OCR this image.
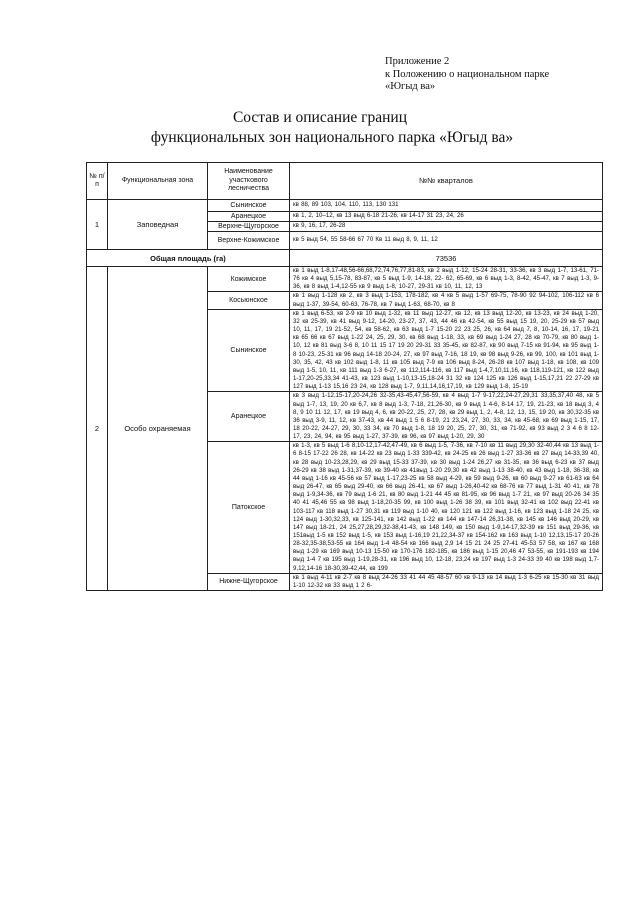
Приложение 2
к Положению о национальном парке
«Югыд ва»
Состав и описание границ
функциональных зон национального парка «Югыд ва»
№ п/п	Функциональная зона	Наименование участкового лесничества	№№ кварталов
1	Заповедная	Сынинское	кв 88, 89 103, 104, 110, 113, 130 131
		Аранецкое	кв 1, 2, 10–12, кв 13 выд 6-18 21-26, кв 14-17 31 23, 24, 26
		Верхне-Щугорское	кв 9, 16, 17, 26-28
		Верхне-Кожимское	кв 5 выд 54, 55 58-66 67 70 Кв 11 выд 8, 9, 11, 12
Общая площадь (га)			73536
2	Особо охраняемая	Кожимское	кв 1 выд 1-8,17-48,56-66,68,72,74,76,77,81-83, кв 2 выд 1-12, 15-24 28-31, 33-36, кв 3 выд 1-7, 13-61, 71-76 кв 4 выд 5,15-78, 83-87, кв 5 выд 1-9, 14-18, 22- 62, 65-69, кв 6 выд 1-3, 8-42, 45-47, кв 7 выд 1-3, 9-36, кв 8 выд 1-4,12-55 кв 9 выд 1-8, 10-27, 29-31 кв 10, 11, 12, 13
		Косьюнское	кв 1 выд 1-128 кв 2, кв 3 выд 1-153, 178-182, кв 4 кв 5 выд 1-57 69-75, 78-90 92 94-102, 106-112 кв 6 выд 1-37, 39-54, 60-63, 76-78, кв 7 выд 1-63, 68-70, кв 8
		Сынинское	кв 1 выд 6-53, кв 2-9 кв 10 выд 1-32, кв 11 выд 12-27, кв 12, кв 13 выд 12-20, кв 13-23, кв 24 выд 1-20, 32 кв 25-39, кв 41 выд 9-12, 14-20, 23-27, 37, 43, 44 46 кв 42-54, кв 55 выд 15 19, 20, 25-29 кв 57 выд 10, 11, 17, 19 21-52, 54, кв 58-62, кв 63 выд 1-7 15-20 22 23 25, 26, кв 64 выд 7, 8, 10-14, 16, 17, 19-21 кв 65 66 кв 67 выд 1-22 24, 25, 29, 30, кв 68 выд 1-18, 33, кв 69 выд 1-24 27, 28 кв 70-79, кв 80 выд 1-10, 12 кв 81 выд 3-6 8, 10 11 15 17 19 20 29-31 33 35-45, кв 82-87, кв 90 выд 7-15 кв 91-94, кв 95 выд 1-8 10-23, 25-31 кв 96 выд 14-18 20-24, 27, кв 97 выд 7-16, 18 19, кв 98 выд 9-26, кв 99, 100, кв 101 выд 1-30, 35, 42, 43 кв 102 выд 1-8, 11 кв 105 выд 7-9 кв 106 выд 8-24, 26-28 кв 107 выд 1-18, кв 108, кв 109 выд 1-5, 10, 11, кв 111 выд 1-3 6-27, кв 112,114-116, кв 117 выд 1-4,7,10,11,16, кв 118,119-121, кв 122 выд 1-17,20-25,33,34 41-43, кв 123 выд 1-10,13-15,18-24 31 32 кв 124 125 кв 126 выд 1-15,17,21 22 27-29 кв 127 выд 1-13 15,16 23 24, кв 128 выд 1-7, 9,11,14,16,17,19, кв 129 выд 1-8, 15-19
		Аранецкое	кв 3 выд 1-12,15-17,20-24,26 32-35,43-45,47,56-59, кв 4 выд 1-7 9-17,22,24-27,29,31 33,35,37,40 48, кв 5 выд 1-7, 13, 19, 20 кв 6,7, кв 8 выд 1-3, 7-18, 21,26-30, кв 9 выд 1 4-6, 8-14 17, 19, 21-23, кв 18 выд 3, 4 8, 9 10 11 12, 17, кв 19 выд 4, 6, кв 20-22, 25, 27, 28, кв 29 выд 1, 2, 4-8, 12, 13, 15, 19 20, кв 30,32-35 кв 36 выд 3-9, 11, 12, кв 37-43, кв 44 выд 1 5 6 8-19, 21 23,24, 27, 30, 33, 34, кв 45-68, кв 69 выд 1-15, 17, 18 20-22, 24-27, 29, 30, 33 34, кв 70 выд 1-8, 18 19 20, 25, 27, 30, 31, кв 71-92, кв 93 выд 2 3 4 6 8 12-17, 23, 24, 94, кв 95 выд 1-27, 37-39, кв 96, кв 97 выд 1-20, 29, 30
		Патокское	кв 1-3, кв 5 выд 1-6 8,10-12,17-42,47-49, кв 6 выд 1-5, 7-36, кв 7-10 кв 11 выд 29,30 32-40,44 кв 13 выд 1-6 8-15 17-22 26 28, кв 14-22 кв 23 выд 1-33 339-42, кв 24-25 кв 26 выд 1-27 33-36 кв 27 выд 14-33,39 40, кв 28 выд 10-23,28,29, кв 29 выд 15-33 37-39, кв 30 выд 1-24 26,27 кв 31-35, кв 36 выд 6-23 кв 37 выд 26-29 кв 38 выд 1-31,37-39, кв 39-40 кв 41выд 1-20 29,30 кв 42 выд 1-13 38-40, кв 43 выд 1-18, 36-38, кв 44 выд 1-16 кв 45-56 кв 57 выд 1-17,23-25 кв 58 выд 4-29, кв 59 выд 9-26, кв 60 выд 9-27 кв 61-63 кв 64 выд 26-47, кв 65 выд 29-40, кв 66 выд 26-41, кв 67 выд 1-26,40-42 кв 68-76 кв 77 выд 1-31 40 41, кв 78 выд 1-9,34-36, кв 79 выд 1-6 21, кв 80 выд 1-21 44 45 кв 81-95, кв 96 выд 1-7 21, кв 97 выд 20-26 34 35 40 41 45,46 55 кв 98 выд 1-18,20-35 99, кв 100 выд 1-26 38 39, кв 101 выд 32-41 кв 102 выд 22-41 кв 103-117 кв 118 выд 1-27 30,31 кв 119 выд 1-10 40, кв 120 121 кв 122 выд 1-16, кв 123 выд 1-18 24 25, кв 124 выд 1-30,32,33, кв 125-141, кв 142 выд 1-22 кв 144 кв 147-14 26,31-38, кв 145 кв 146 выд 20-29, кв 147 выд 18-21, 24 25,27,28,29,32-38,41-43, кв 148 149, кв 150 выд 1-9,14-17,32-39 кв 151 выд 29-36, кв 151выд 1-5 кв 152 выд 1-5, кв 153 выд 1-16,19 21,22,34-37 кв 154-162 кв 163 выд 1-10 12,13,15-17 20-26 28-32,35-38,53-55 кв 164 выд 1-4 48-54 кв 166 выд 2,9 14 15 21 24 25 27-41 45-53 57 58, кв 167 кв 168 выд 1-29 кв 169 выд 10-13 15-50 кв 170-176 182-185, кв 186 выд 1-15 20,46 47 53-55, кв 191-193 кв 194 выд 1-4 7 кв 195 выд 1-19,28-31, кв 196 выд 10, 12-18, 23,24 кв 197 выд 1-3 24-33 39 40 кв 198 выд 1,7-9,12,14-16 18-30,39-42,44, кв 199
		Нижне-Щугорское	кв 1 выд 4-11 кв 2-7 кв 8 выд 24-26 33 41 44 45 48-57 60 кв 9-13 кв 14 выд 1-3 6-25 кв 15-30 кв 31 выд 1-10 12-32 кв 33 выд 1 2 6-
